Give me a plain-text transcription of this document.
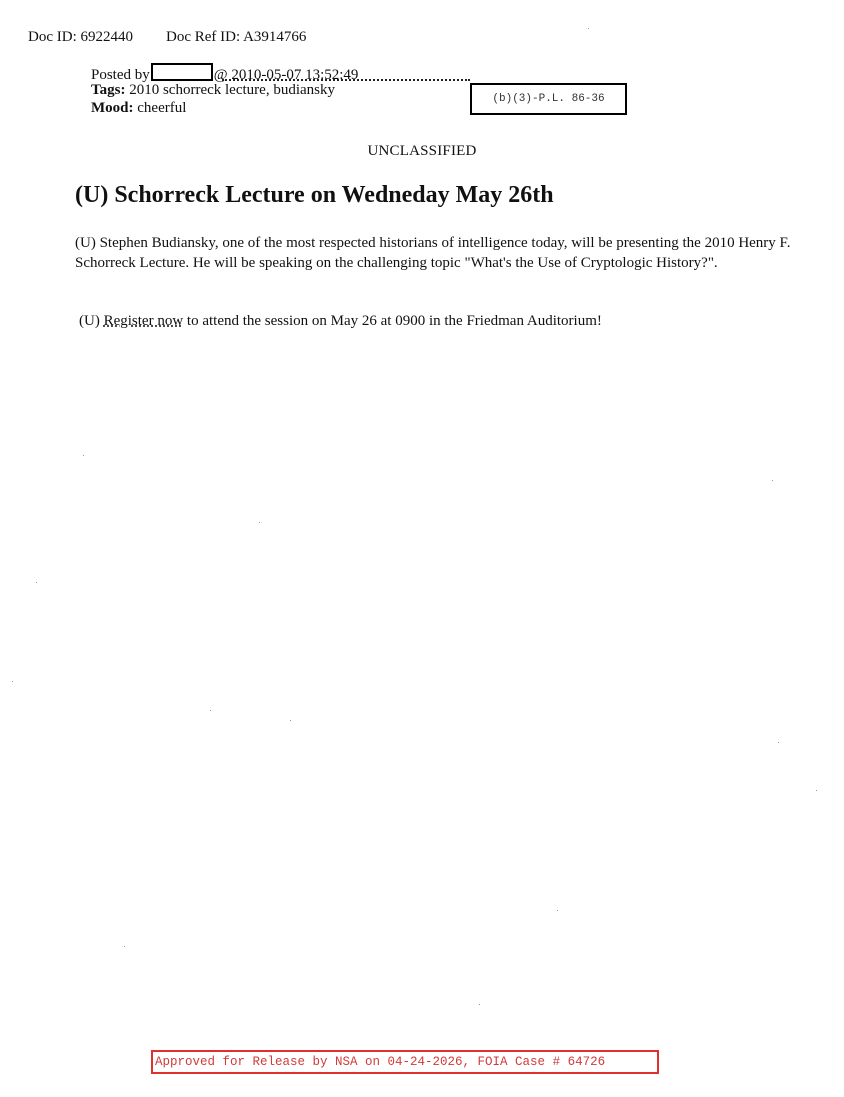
Doc ID: 6922440 Doc Ref ID: A3914766
Posted by	@ 2010-05-07 13:52:49
Tags: 2010 schorreck lecture, budiansky
Mood: cheerful
(b)(3)-P.L. 86-36
UNCLASSIFIED
(U) Schorreck Lecture on Wedneday May 26th
(U) Stephen Budiansky, one of the most respected historians of intelligence today, will be presenting the 2010 Henry F. Schorreck Lecture. He will be speaking on the challenging topic "What's the Use of Cryptologic History?".
(U) Register now to attend the session on May 26 at 0900 in the Friedman Auditorium!
Approved for Release by NSA on 04-24-2026, FOIA Case # 64726
